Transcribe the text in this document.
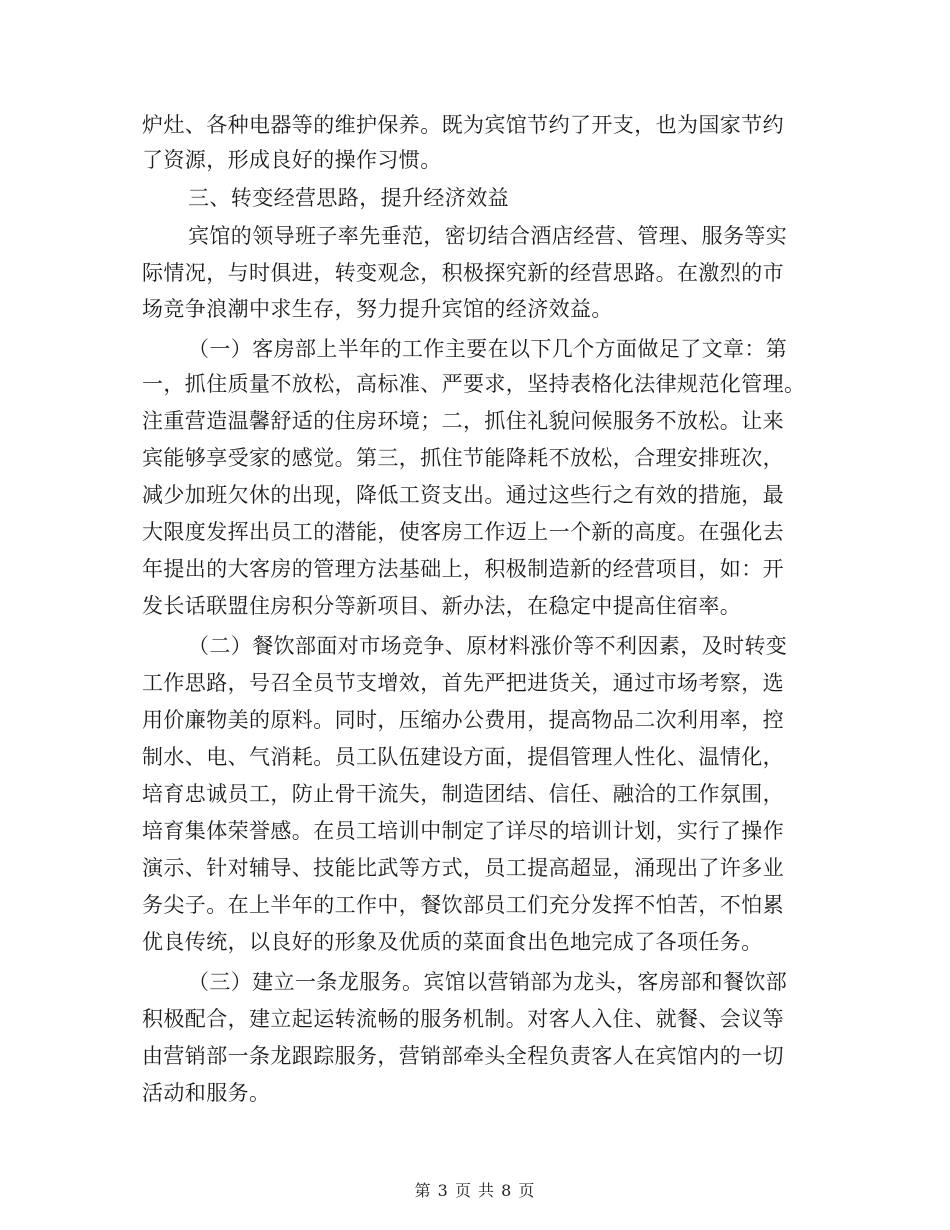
炉灶、各种电器等的维护保养。既为宾馆节约了开支，也为国家节约
了资源，形成良好的操作习惯。
三、转变经营思路，提升经济效益
宾馆的领导班子率先垂范，密切结合酒店经营、管理、服务等实
际情况，与时俱进，转变观念，积极探究新的经营思路。在激烈的市
场竞争浪潮中求生存，努力提升宾馆的经济效益。
（一）客房部上半年的工作主要在以下几个方面做足了文章：第
一，抓住质量不放松，高标准、严要求，坚持表格化法律规范化管理。
注重营造温馨舒适的住房环境；二，抓住礼貌问候服务不放松。让来
宾能够享受家的感觉。第三，抓住节能降耗不放松，合理安排班次，
减少加班欠休的出现，降低工资支出。通过这些行之有效的措施，最
大限度发挥出员工的潜能，使客房工作迈上一个新的高度。在强化去
年提出的大客房的管理方法基础上，积极制造新的经营项目，如：开
发长话联盟住房积分等新项目、新办法，在稳定中提高住宿率。
（二）餐饮部面对市场竞争、原材料涨价等不利因素，及时转变
工作思路，号召全员节支增效，首先严把进货关，通过市场考察，选
用价廉物美的原料。同时，压缩办公费用，提高物品二次利用率，控
制水、电、气消耗。员工队伍建设方面，提倡管理人性化、温情化，
培育忠诚员工，防止骨干流失，制造团结、信任、融洽的工作氛围，
培育集体荣誉感。在员工培训中制定了详尽的培训计划，实行了操作
演示、针对辅导、技能比武等方式，员工提高超显，涌现出了许多业
务尖子。在上半年的工作中，餐饮部员工们充分发挥不怕苦，不怕累
优良传统，以良好的形象及优质的菜面食出色地完成了各项任务。
（三）建立一条龙服务。宾馆以营销部为龙头，客房部和餐饮部
积极配合，建立起运转流畅的服务机制。对客人入住、就餐、会议等
由营销部一条龙跟踪服务，营销部牵头全程负责客人在宾馆内的一切
活动和服务。
第 3 页 共 8 页
